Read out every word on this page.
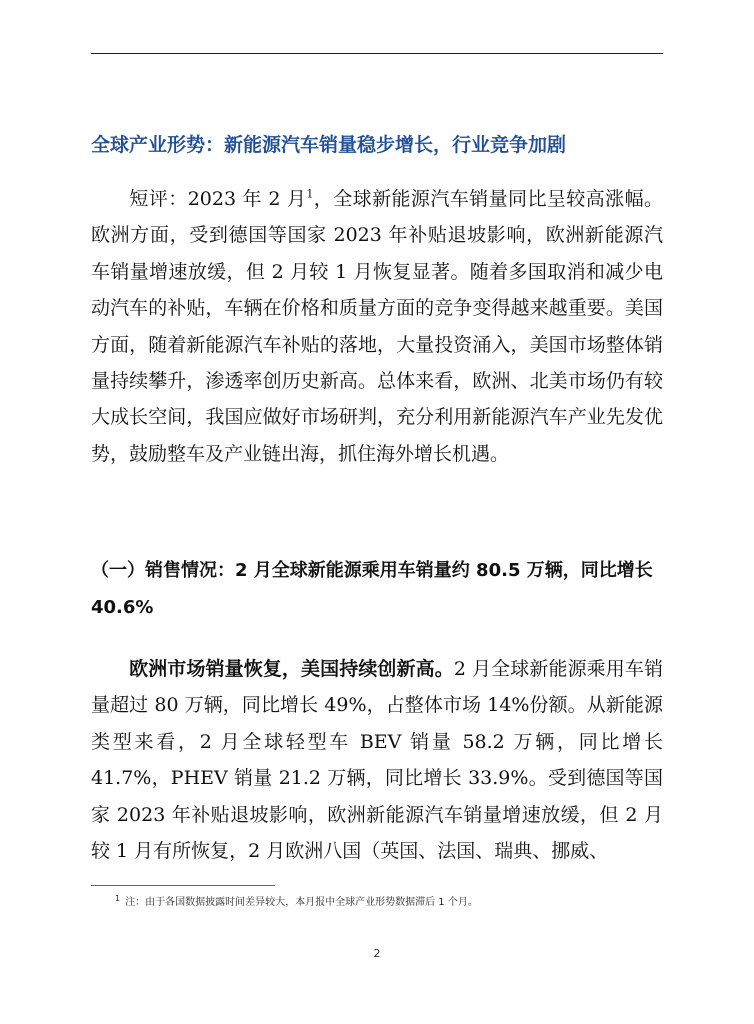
全球产业形势：新能源汽车销量稳步增长，行业竞争加剧
短评：2023 年 2 月$^1$，全球新能源汽车销量同比呈较高涨幅。欧洲方面，受到德国等国家 2023 年补贴退坡影响，欧洲新能源汽车销量增速放缓，但 2 月较 1 月恢复显著。随着多国取消和减少电动汽车的补贴，车辆在价格和质量方面的竞争变得越来越重要。美国方面，随着新能源汽车补贴的落地，大量投资涌入，美国市场整体销量持续攀升，渗透率创历史新高。总体来看，欧洲、北美市场仍有较大成长空间，我国应做好市场研判，充分利用新能源汽车产业先发优势，鼓励整车及产业链出海，抓住海外增长机遇。
（一）销售情况：2 月全球新能源乘用车销量约 80.5 万辆，同比增长 40.6%
欧洲市场销量恢复，美国持续创新高。2 月全球新能源乘用车销量超过 80 万辆，同比增长 49%，占整体市场 14%份额。从新能源类型来看，2 月全球轻型车 BEV 销量 58.2 万辆，同比增长 41.7%，PHEV 销量 21.2 万辆，同比增长 33.9%。受到德国等国家 2023 年补贴退坡影响，欧洲新能源汽车销量增速放缓，但 2 月较 1 月有所恢复，2 月欧洲八国（英国、法国、瑞典、挪威、
$^1$ 注：由于各国数据披露时间差异较大，本月报中全球产业形势数据滞后 1 个月。
2
